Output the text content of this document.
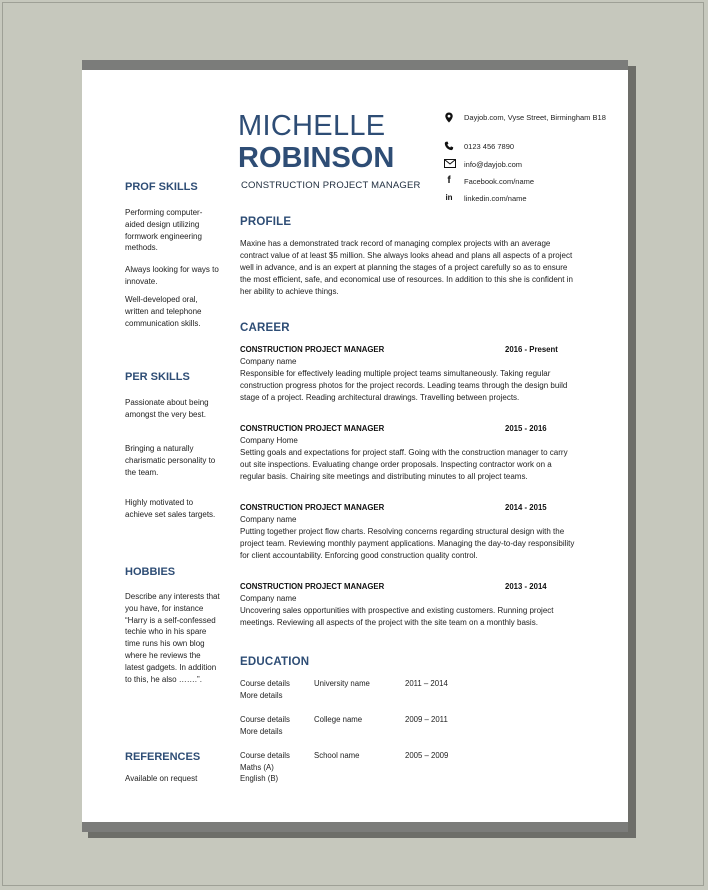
MICHELLE
ROBINSON
CONSTRUCTION PROJECT MANAGER
Dayjob.com, Vyse Street, Birmingham B18
0123 456 7890
info@dayjob.com
f	Facebook.com/name
in linkedin.com/name
PROF SKILLS
Performing computer-aided design utilizing formwork engineering methods.
Always looking for ways to innovate.
Well-developed oral, written and telephone communication skills.
PER SKILLS
Passionate about being amongst the very best.
Bringing a naturally charismatic personality to the team.
Highly motivated to achieve set sales targets.
HOBBIES
Describe any interests that you have, for instance “Harry is a self-confessed techie who in his spare time runs his own blog where he reviews the latest gadgets. In addition to this, he also …….”.
REFERENCES
Available on request
PROFILE
Maxine has a demonstrated track record of managing complex projects with an average contract value of at least $5 million. She always looks ahead and plans all aspects of a project well in advance, and is an expert at planning the stages of a project carefully so as to ensure the most efficient, safe, and economical use of resources. In addition to this she is confident in her ability to achieve things.
CAREER
CONSTRUCTION PROJECT MANAGER	2016 - Present
Company name
Responsible for effectively leading multiple project teams simultaneously. Taking regular construction progress photos for the project records. Leading teams through the design build stage of a project. Reading architectural drawings. Travelling between projects.
CONSTRUCTION PROJECT MANAGER	2015 - 2016
Company Home
Setting goals and expectations for project staff. Going with the construction manager to carry out site inspections. Evaluating change order proposals. Inspecting contractor work on a regular basis. Chairing site meetings and distributing minutes to all project teams.
CONSTRUCTION PROJECT MANAGER	2014 - 2015
Company name
Putting together project flow charts. Resolving concerns regarding structural design with the project team. Reviewing monthly payment applications. Managing the day-to-day responsibility for client accountability. Enforcing good construction quality control.
CONSTRUCTION PROJECT MANAGER	2013 - 2014
Company name
Uncovering sales opportunities with prospective and existing customers. Running project meetings. Reviewing all aspects of the project with the site team on a monthly basis.
EDUCATION
Course details	University name	2011 – 2014
More details
Course details	College name	2009 – 2011
More details
Course details	School name	2005 – 2009
Maths (A)
English (B)
